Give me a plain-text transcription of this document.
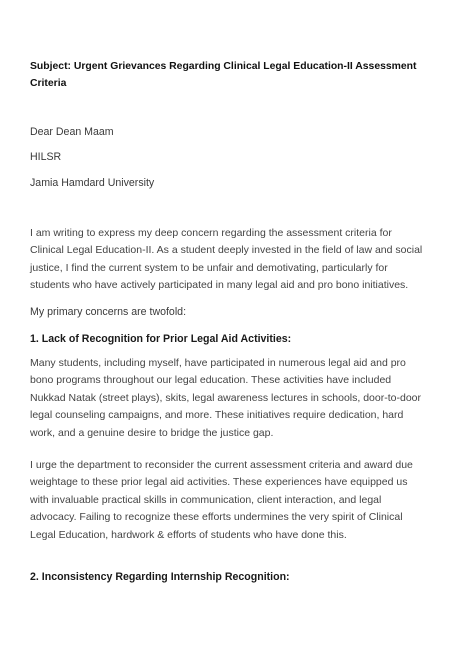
Subject: Urgent Grievances Regarding Clinical Legal Education-II Assessment Criteria
Dear Dean Maam
HILSR
Jamia Hamdard University
I am writing to express my deep concern regarding the assessment criteria for
Clinical Legal Education-II. As a student deeply invested in the field of law and social
justice, I find the current system to be unfair and demotivating, particularly for
students who have actively participated in many legal aid and pro bono initiatives.
My primary concerns are twofold:
1. Lack of Recognition for Prior Legal Aid Activities:
Many students, including myself, have participated in numerous legal aid and pro
bono programs throughout our legal education. These activities have included
Nukkad Natak (street plays), skits, legal awareness lectures in schools, door-to-door
legal counseling campaigns, and more. These initiatives require dedication, hard
work, and a genuine desire to bridge the justice gap.
I urge the department to reconsider the current assessment criteria and award due
weightage to these prior legal aid activities. These experiences have equipped us
with invaluable practical skills in communication, client interaction, and legal
advocacy. Failing to recognize these efforts undermines the very spirit of Clinical
Legal Education, hardwork & efforts of students who have done this.
2. Inconsistency Regarding Internship Recognition:
